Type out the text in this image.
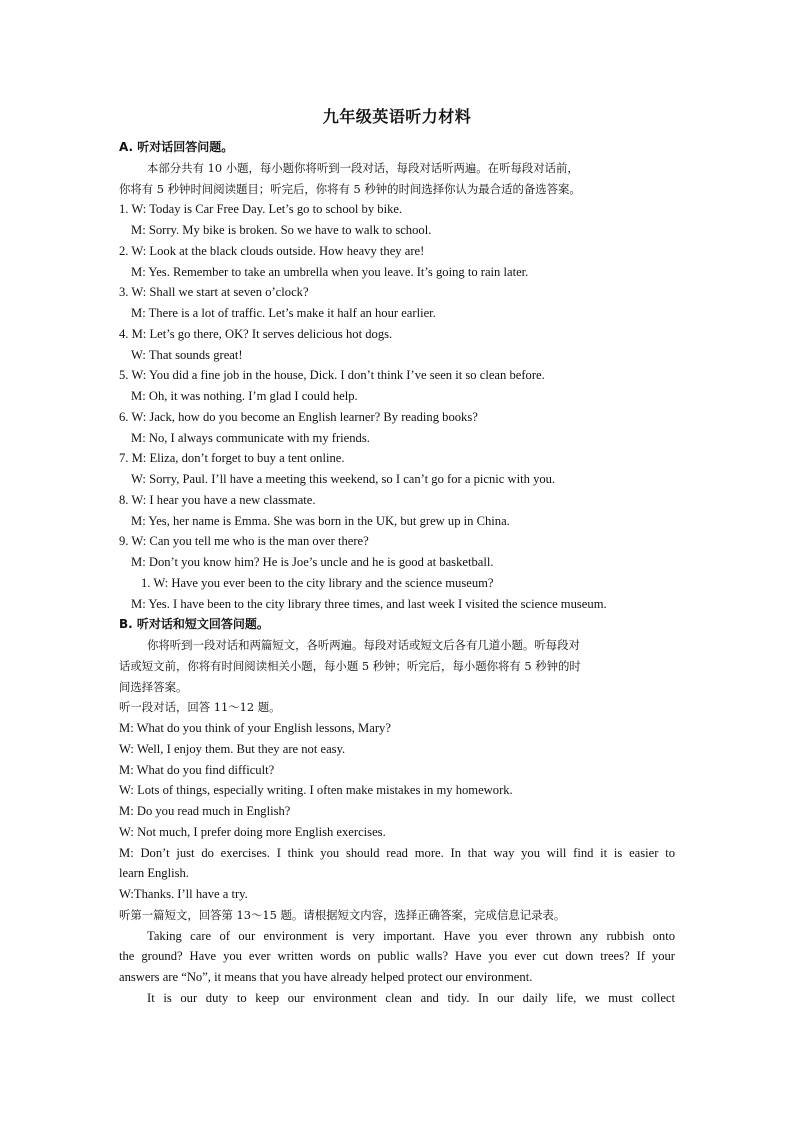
九年级英语听力材料
A. 听对话回答问题。
本部分共有 10 小题，每小题你将听到一段对话，每段对话听两遍。在听每段对话前，
你将有 5 秒钟时间阅读题目；听完后，你将有 5 秒钟的时间选择你认为最合适的备选答案。
1. W: Today is Car Free Day. Let’s go to school by bike.
M: Sorry. My bike is broken. So we have to walk to school.
2. W: Look at the black clouds outside. How heavy they are!
M: Yes. Remember to take an umbrella when you leave. It’s going to rain later.
3. W: Shall we start at seven o’clock?
M: There is a lot of traffic. Let’s make it half an hour earlier.
4. M: Let’s go there, OK? It serves delicious hot dogs.
W: That sounds great!
5. W: You did a fine job in the house, Dick. I don’t think I’ve seen it so clean before.
M: Oh, it was nothing. I’m glad I could help.
6. W: Jack, how do you become an English learner? By reading books?
M: No, I always communicate with my friends.
7. M: Eliza, don’t forget to buy a tent online.
W: Sorry, Paul. I’ll have a meeting this weekend, so I can’t go for a picnic with you.
8. W: I hear you have a new classmate.
M: Yes, her name is Emma. She was born in the UK, but grew up in China.
9. W: Can you tell me who is the man over there?
M: Don’t you know him? He is Joe’s uncle and he is good at basketball.
1. W: Have you ever been to the city library and the science museum?
M: Yes. I have been to the city library three times, and last week I visited the science museum.
B. 听对话和短文回答问题。
你将听到一段对话和两篇短文，各听两遍。每段对话或短文后各有几道小题。听每段对
话或短文前，你将有时间阅读相关小题，每小题 5 秒钟；听完后，每小题你将有 5 秒钟的时
间选择答案。
听一段对话，回答 11～12 题。
M: What do you think of your English lessons, Mary?
W: Well, I enjoy them. But they are not easy.
M: What do you find difficult?
W: Lots of things, especially writing. I often make mistakes in my homework.
M: Do you read much in English?
W: Not much, I prefer doing more English exercises.
M: Don’t just do exercises. I think you should read more. In that way you will find it is easier to
learn English.
W:Thanks. I’ll have a try.
听第一篇短文，回答第 13～15 题。请根据短文内容，选择正确答案，完成信息记录表。
Taking care of our environment is very important. Have you ever thrown any rubbish onto
the ground? Have you ever written words on public walls? Have you ever cut down trees? If your
answers are “No”, it means that you have already helped protect our environment.
It is our duty to keep our environment clean and tidy. In our daily life, we must collect
